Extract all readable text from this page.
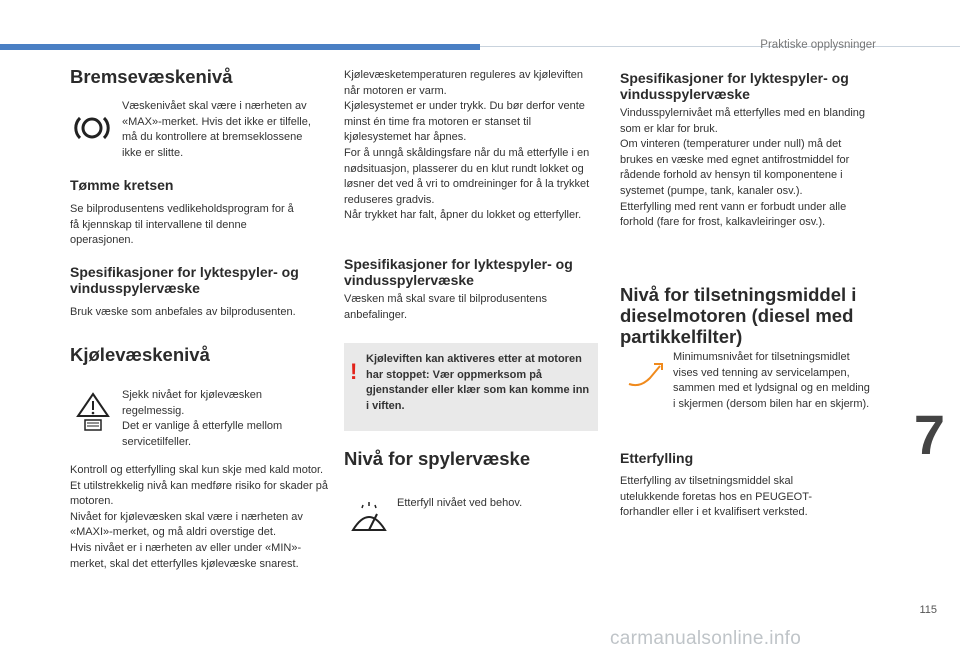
Praktiske opplysninger
Bremsevæskenivå

Væskenivået skal være i nærheten av «MAX»-merket. Hvis det ikke er tilfelle, må du kontrollere at bremseklossene ikke er slitte.

Tømme kretsen

Se bilprodusentens vedlikeholdsprogram for å få kjennskap til intervallene til denne operasjonen.

Spesifikasjoner for lyktespyler- og vindusspylervæske

Bruk væske som anbefales av bilprodusenten.

Kjølevæskenivå

Sjekk nivået for kjølevæsken regelmessig.
Det er vanlige å etterfylle mellom servicetilfeller.

Kontroll og etterfylling skal kun skje med kald motor.
Et utilstrekkelig nivå kan medføre risiko for skader på motoren.
Nivået for kjølevæsken skal være i nærheten av «MAXI»-merket, og må aldri overstige det.
Hvis nivået er i nærheten av eller under «MIN»-merket, skal det etterfylles kjølevæske snarest.

Kjølevæsketemperaturen reguleres av kjøleviften når motoren er varm.
Kjølesystemet er under trykk. Du bør derfor vente minst én time fra motoren er stanset til kjølesystemet har åpnes.
For å unngå skåldingsfare når du må etterfylle i en nødsituasjon, plasserer du en klut rundt lokket og løsner det ved å vri to omdreininger for å la trykket reduseres gradvis.
Når trykket har falt, åpner du lokket og etterfyller.

Spesifikasjoner for lyktespyler- og vindusspylervæske

Væsken må skal svare til bilprodusentens anbefalinger.

! Kjøleviften kan aktiveres etter at motoren har stoppet: Vær oppmerksom på gjenstander eller klær som kan komme inn i viften.

Nivå for spylervæske

Etterfyll nivået ved behov.

Spesifikasjoner for lyktespyler- og vindusspylervæske

Vindusspylernivået må etterfylles med en blanding som er klar for bruk.
Om vinteren (temperaturer under null) må det brukes en væske med egnet antifrostmiddel for rådende forhold av hensyn til komponentene i systemet (pumpe, tank, kanaler osv.).
Etterfylling med rent vann er forbudt under alle forhold (fare for frost, kalkavleiringer osv.).

Nivå for tilsetningsmiddel i dieselmotoren (diesel med partikkelfilter)

Minimumsnivået for tilsetningsmidlet vises ved tenning av servicelampen, sammen med et lydsignal og en melding i skjermen (dersom bilen har en skjerm).

Etterfylling

Etterfylling av tilsetningsmiddel skal utelukkende foretas hos en PEUGEOT-forhandler eller i et kvalifisert verksted.

7
115
carmanualsonline.info
